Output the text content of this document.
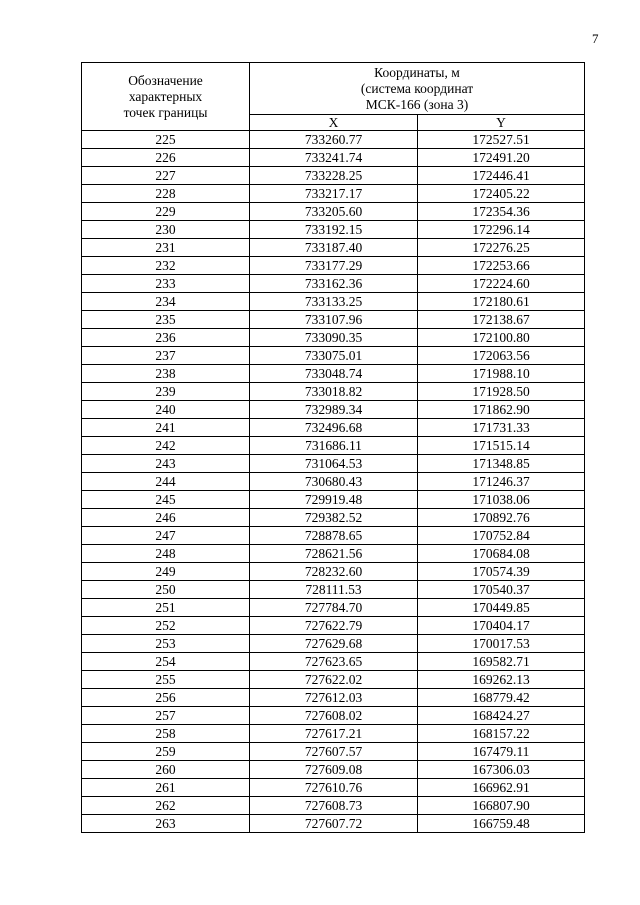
7
Обозначение
характерных
точек границы	Координаты, м
(система координат
МСК-166 (зона 3)	

	X	Y
225	733260.77	172527.51
226	733241.74	172491.20
227	733228.25	172446.41
228	733217.17	172405.22
229	733205.60	172354.36
230	733192.15	172296.14
231	733187.40	172276.25
232	733177.29	172253.66
233	733162.36	172224.60
234	733133.25	172180.61
235	733107.96	172138.67
236	733090.35	172100.80
237	733075.01	172063.56
238	733048.74	171988.10
239	733018.82	171928.50
240	732989.34	171862.90
241	732496.68	171731.33
242	731686.11	171515.14
243	731064.53	171348.85
244	730680.43	171246.37
245	729919.48	171038.06
246	729382.52	170892.76
247	728878.65	170752.84
248	728621.56	170684.08
249	728232.60	170574.39
250	728111.53	170540.37
251	727784.70	170449.85
252	727622.79	170404.17
253	727629.68	170017.53
254	727623.65	169582.71
255	727622.02	169262.13
256	727612.03	168779.42
257	727608.02	168424.27
258	727617.21	168157.22
259	727607.57	167479.11
260	727609.08	167306.03
261	727610.76	166962.91
262	727608.73	166807.90
263	727607.72	166759.48
